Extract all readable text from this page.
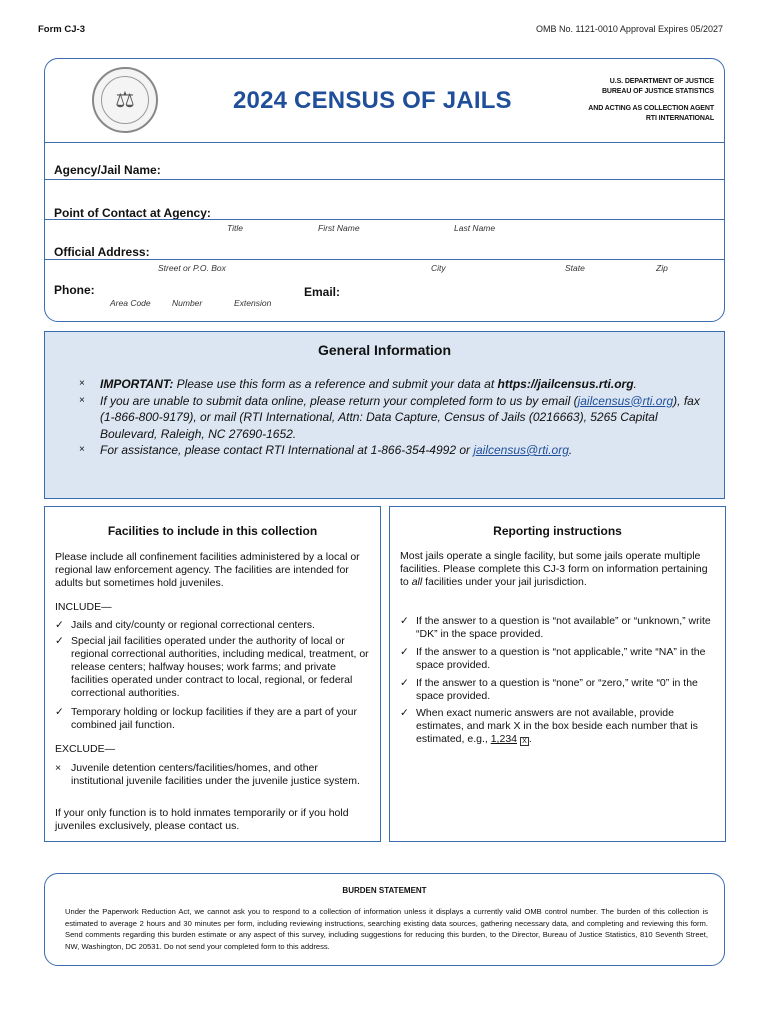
Form CJ-3	OMB No. 1121-0010 Approval Expires 05/2027
⚖	2024 CENSUS OF JAILS
U.S. DEPARTMENT OF JUSTICE
BUREAU OF JUSTICE STATISTICS
AND ACTING AS COLLECTION AGENT
RTI INTERNATIONAL
Agency/Jail Name:
Point of Contact at Agency:
Title	First Name	Last Name
Official Address:
Street or P.O. Box	City	State	Zip
Phone:	Email:
Area Code	Number	Extension
General Information
× IMPORTANT: Please use this form as a reference and submit your data at https://jailcensus.rti.org.
× If you are unable to submit data online, please return your completed form to us by email (jailcensus@rti.org), fax (1-866-800-9179), or mail (RTI International, Attn: Data Capture, Census of Jails (0216663), 5265 Capital Boulevard, Raleigh, NC 27690-1652.
× For assistance, please contact RTI International at 1-866-354-4992 or jailcensus@rti.org.
Facilities to include in this collection
Please include all confinement facilities administered by a local or regional law enforcement agency. The facilities are intended for adults but sometimes hold juveniles.
INCLUDE—
✓ Jails and city/county or regional correctional centers.
✓ Special jail facilities operated under the authority of local or regional correctional authorities, including medical, treatment, or release centers; halfway houses; work farms; and private facilities operated under contract to local, regional, or federal correctional authorities.
✓ Temporary holding or lockup facilities if they are a part of your combined jail function.
EXCLUDE—
× Juvenile detention centers/facilities/homes, and other institutional juvenile facilities under the juvenile justice system.
If your only function is to hold inmates temporarily or if you hold juveniles exclusively, please contact us.
Reporting instructions
Most jails operate a single facility, but some jails operate multiple facilities. Please complete this CJ-3 form on information pertaining to all facilities under your jail jurisdiction.
✓ If the answer to a question is “not available” or “unknown,” write “DK” in the space provided.
✓ If the answer to a question is “not applicable,” write “NA” in the space provided.
✓ If the answer to a question is “none” or “zero,” write “0” in the space provided.
✓ When exact numeric answers are not available, provide estimates, and mark X in the box beside each number that is estimated, e.g., 1,234 X .
BURDEN STATEMENT
Under the Paperwork Reduction Act, we cannot ask you to respond to a collection of information unless it displays a currently valid OMB control number. The burden of this collection is estimated to average 2 hours and 30 minutes per form, including reviewing instructions, searching existing data sources, gathering necessary data, and completing and reviewing this form. Send comments regarding this burden estimate or any aspect of this survey, including suggestions for reducing this burden, to the Director, Bureau of Justice Statistics, 810 Seventh Street, NW, Washington, DC 20531. Do not send your completed form to this address.
